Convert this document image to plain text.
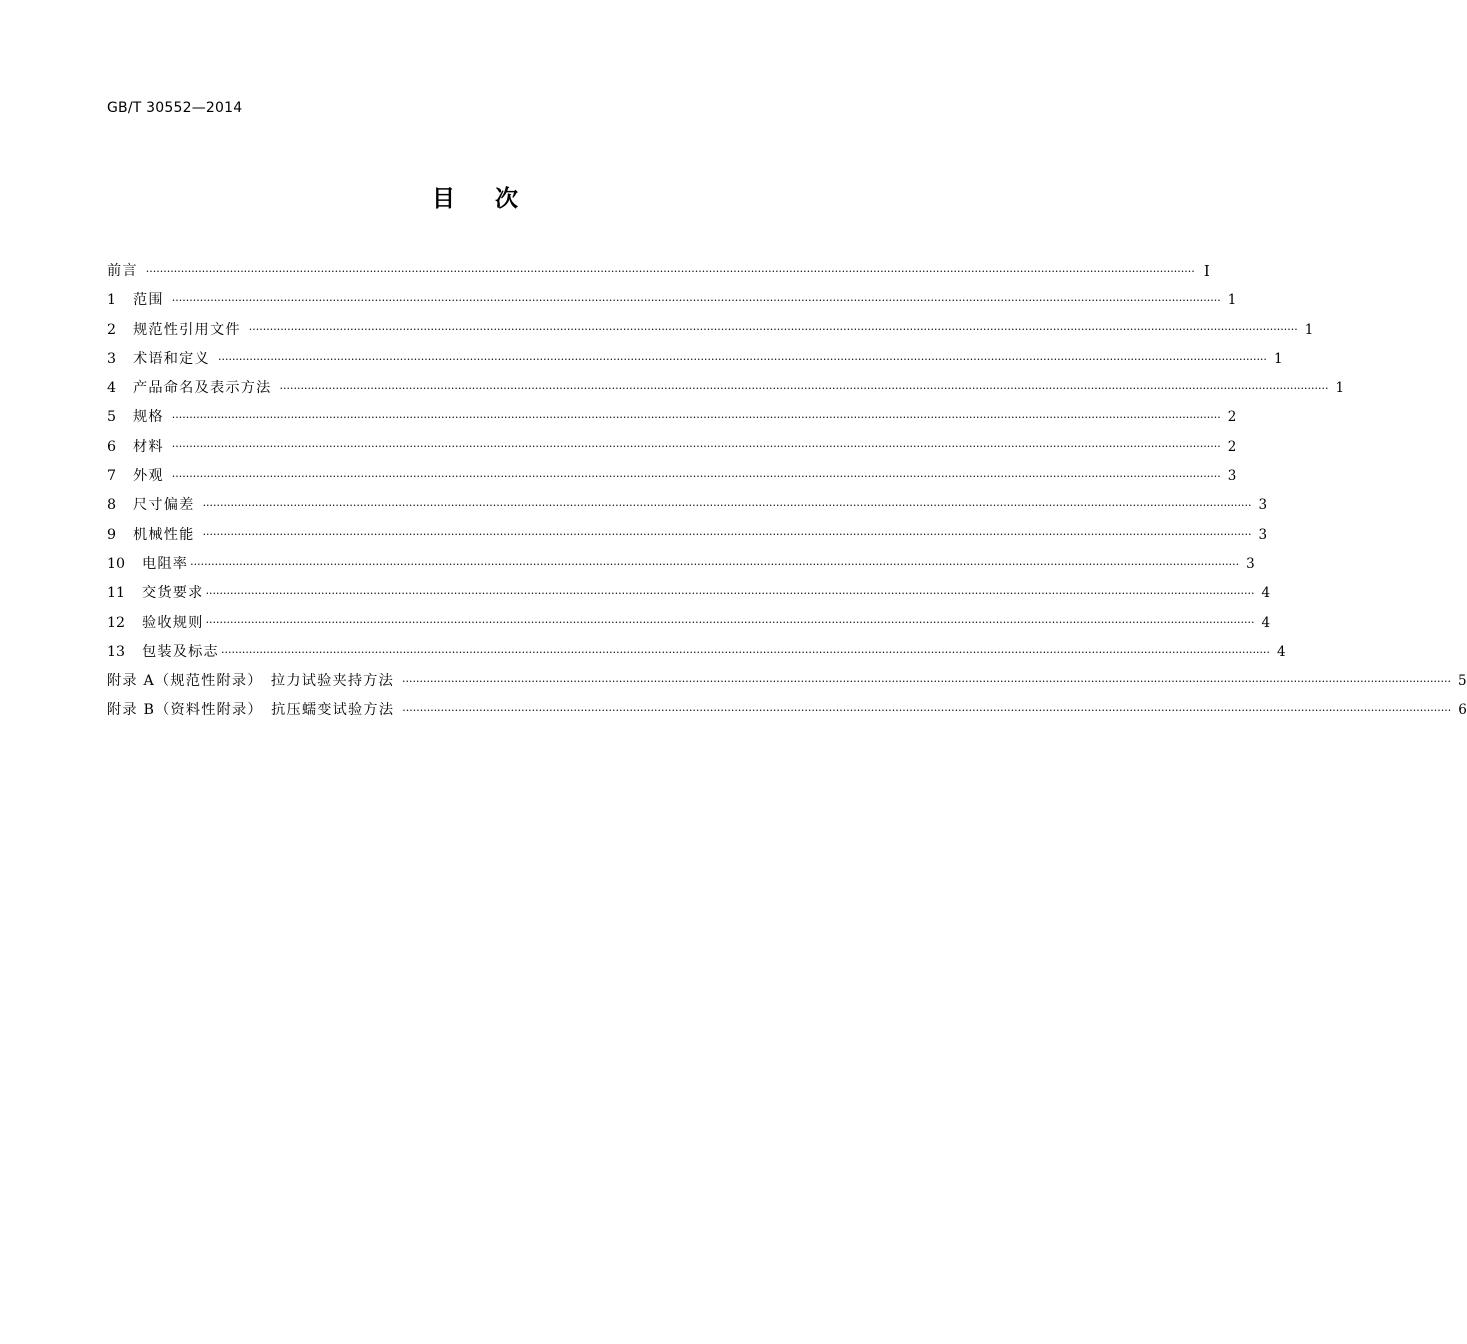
GB/T 30552—2014
目次
前言 ············································································································································································································································································································ Ⅰ
1	范围 ············································································································································································································································································································ 1
2	规范性引用文件 ············································································································································································································································································································ 1
3	术语和定义 ············································································································································································································································································································ 1
4	产品命名及表示方法 ············································································································································································································································································································ 1
5	规格 ············································································································································································································································································································ 2
6	材料 ············································································································································································································································································································ 2
7	外观 ············································································································································································································································································································ 3
8	尺寸偏差 ············································································································································································································································································································ 3
9	机械性能 ············································································································································································································································································································ 3
10	电阻率 ············································································································································································································································································································ 3
11	交货要求 ············································································································································································································································································································ 4
12	验收规则 ············································································································································································································································································································ 4
13	包装及标志 ············································································································································································································································································································ 4
附录 A（规范性附录）　拉力试验夹持方法 ············································································································································································································································································································ 5
附录 B（资料性附录）　抗压蠕变试验方法 ············································································································································································································································································································ 6
